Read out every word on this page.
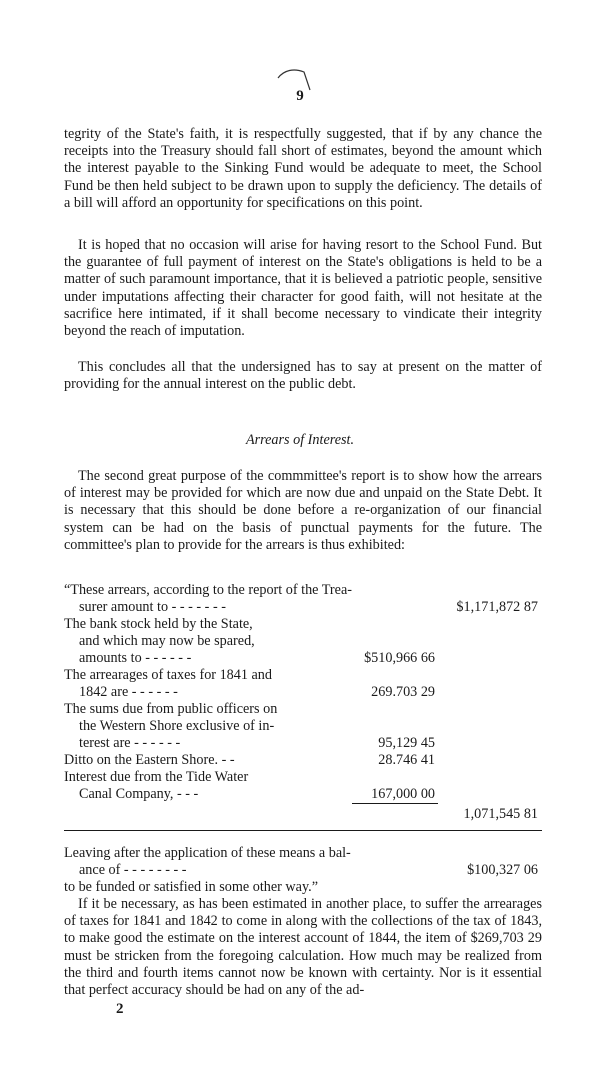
9
tegrity of the State's faith, it is respectfully suggested, that if by any chance the receipts into the Treasury should fall short of estimates, beyond the amount which the interest payable to the Sinking Fund would be adequate to meet, the School Fund be then held subject to be drawn upon to supply the deficiency. The details of a bill will afford an opportunity for specifications on this point.
It is hoped that no occasion will arise for having resort to the School Fund. But the guarantee of full payment of interest on the State's obligations is held to be a matter of such paramount importance, that it is believed a patriotic people, sensitive under imputations affecting their character for good faith, will not hesitate at the sacrifice here intimated, if it shall become necessary to vindicate their integrity beyond the reach of imputation.
This concludes all that the undersigned has to say at present on the matter of providing for the annual interest on the public debt.
Arrears of Interest.
The second great purpose of the commmittee's report is to show how the arrears of interest may be provided for which are now due and unpaid on the State Debt. It is necessary that this should be done before a re-organization of our financial system can be had on the basis of punctual payments for the future. The committee's plan to provide for the arrears is thus exhibited:
“These arrears, according to the report of the Trea-
surer amount to - - - - - - -	$1,171,872 87
The bank stock held by the State,
and which may now be spared,
amounts to - - - - - -	$510,966 66
The arrearages of taxes for 1841 and
1842 are - - - - - -	269.703 29
The sums due from public officers on
the Western Shore exclusive of in-
terest are - - - - - -	95,129 45
Ditto on the Eastern Shore. - -	28.746 41
Interest due from the Tide Water
Canal Company, - - -	167,000 00
1,071,545 81
Leaving after the application of these means a bal-
ance of - - - - - - - -	$100,327 06
to be funded or satisfied in some other way.”
If it be necessary, as has been estimated in another place, to suffer the arrearages of taxes for 1841 and 1842 to come in along with the collections of the tax of 1843, to make good the estimate on the interest account of 1844, the item of $269,703 29 must be stricken from the foregoing calculation. How much may be realized from the third and fourth items cannot now be known with certainty. Nor is it essential that perfect accuracy should be had on any of the ad-
2
